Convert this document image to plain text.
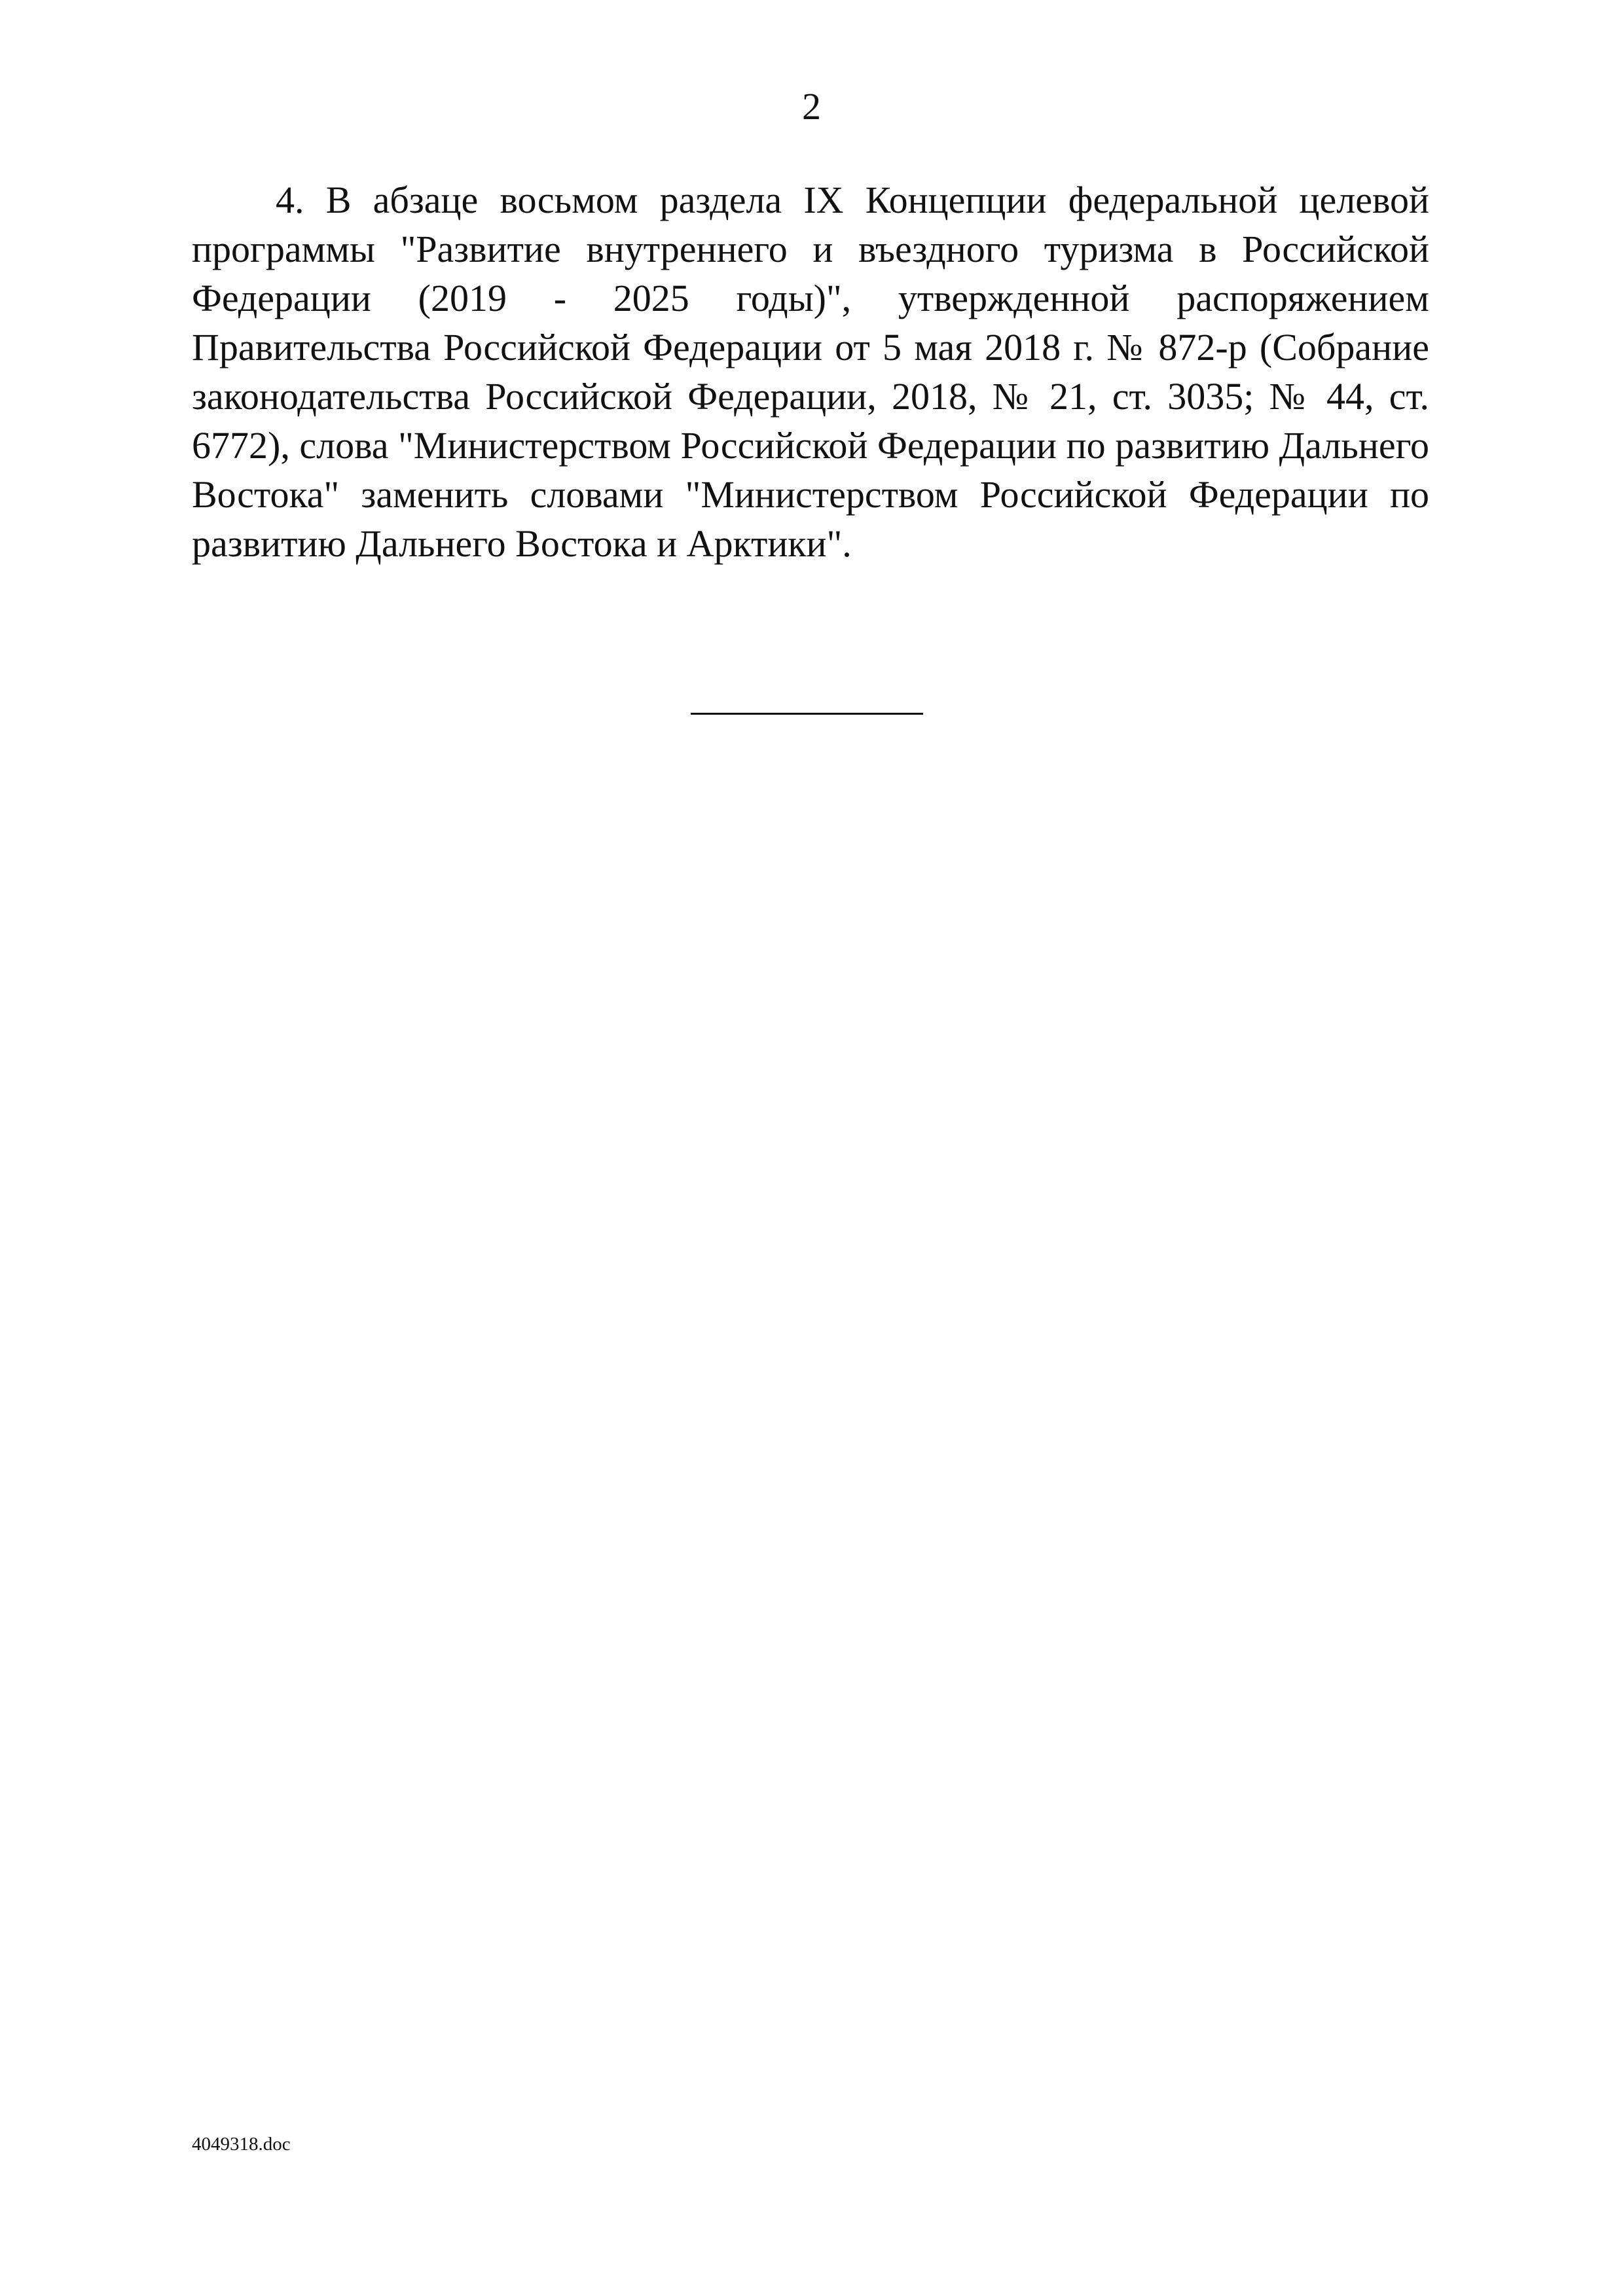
2

4. В абзаце восьмом раздела IX Концепции федеральной целевой программы "Развитие внутреннего и въездного туризма в Российской Федерации (2019 - 2025 годы)", утвержденной распоряжением Правительства Российской Федерации от 5 мая 2018 г. № 872-р (Собрание законодательства Российской Федерации, 2018, № 21, ст. 3035; № 44, ст. 6772), слова "Министерством Российской Федерации по развитию Дальнего Востока" заменить словами "Министерством Российской Федерации по развитию Дальнего Востока и Арктики".

4049318.doc
